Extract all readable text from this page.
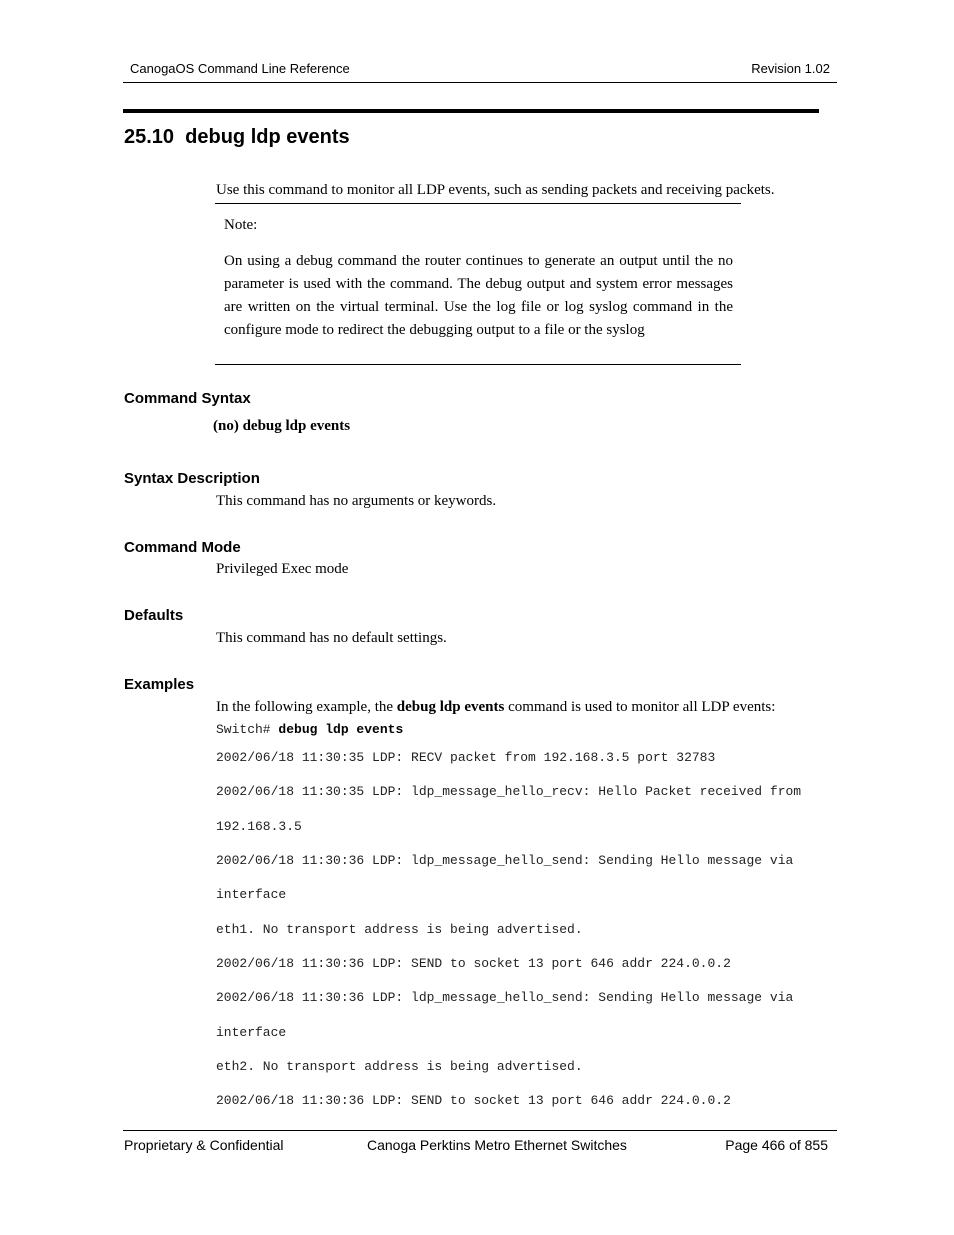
CanogaOS Command Line Reference	Revision 1.02
25.10  debug ldp events
Use this command to monitor all LDP events, such as sending packets and receiving packets.
Note:
On using a debug command the router continues to generate an output until the no parameter is used with the command. The debug output and system error messages are written on the virtual terminal. Use the log file or log syslog command in the configure mode to redirect the debugging output to a file or the syslog
Command Syntax
(no) debug ldp events
Syntax Description
This command has no arguments or keywords.
Command Mode
Privileged Exec mode
Defaults
This command has no default settings.
Examples
In the following example, the debug ldp events command is used to monitor all LDP events:
Switch# debug ldp events
2002/06/18 11:30:35 LDP: RECV packet from 192.168.3.5 port 32783
2002/06/18 11:30:35 LDP: ldp_message_hello_recv: Hello Packet received from
192.168.3.5
2002/06/18 11:30:36 LDP: ldp_message_hello_send: Sending Hello message via
interface
eth1. No transport address is being advertised.
2002/06/18 11:30:36 LDP: SEND to socket 13 port 646 addr 224.0.0.2
2002/06/18 11:30:36 LDP: ldp_message_hello_send: Sending Hello message via
interface
eth2. No transport address is being advertised.
2002/06/18 11:30:36 LDP: SEND to socket 13 port 646 addr 224.0.0.2
Proprietary & Confidential	Canoga Perktins Metro Ethernet Switches	Page 466 of 855
